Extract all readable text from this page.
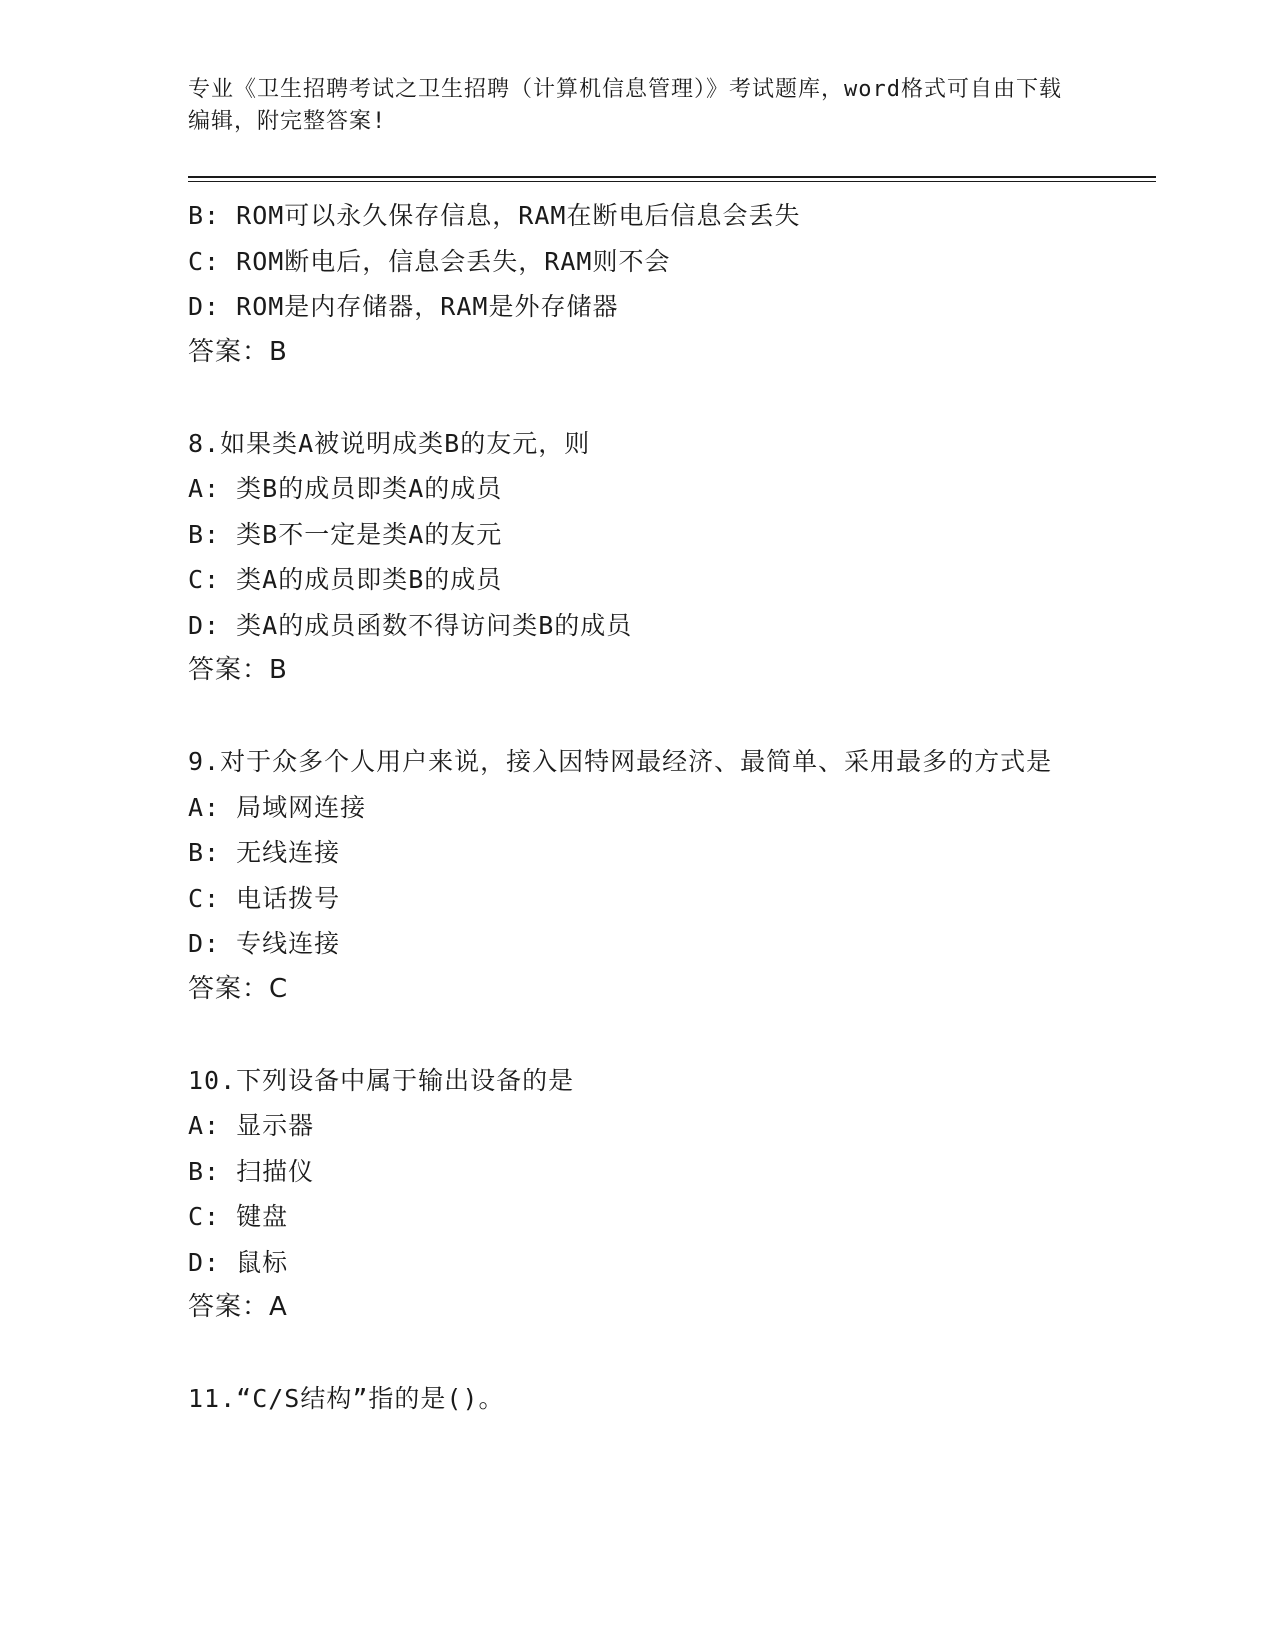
专业《卫生招聘考试之卫生招聘（计算机信息管理）》考试题库，word格式可自由下载编辑，附完整答案!
B: ROM可以永久保存信息，RAM在断电后信息会丢失
C: ROM断电后，信息会丢失，RAM则不会
D: ROM是内存储器，RAM是外存储器
答案：B
8.如果类A被说明成类B的友元，则
A: 类B的成员即类A的成员
B: 类B不一定是类A的友元
C: 类A的成员即类B的成员
D: 类A的成员函数不得访问类B的成员
答案：B
9.对于众多个人用户来说，接入因特网最经济、最简单、采用最多的方式是
A: 局域网连接
B: 无线连接
C: 电话拨号
D: 专线连接
答案：C
10.下列设备中属于输出设备的是
A: 显示器
B: 扫描仪
C: 键盘
D: 鼠标
答案：A
11.“C/S结构”指的是()。
